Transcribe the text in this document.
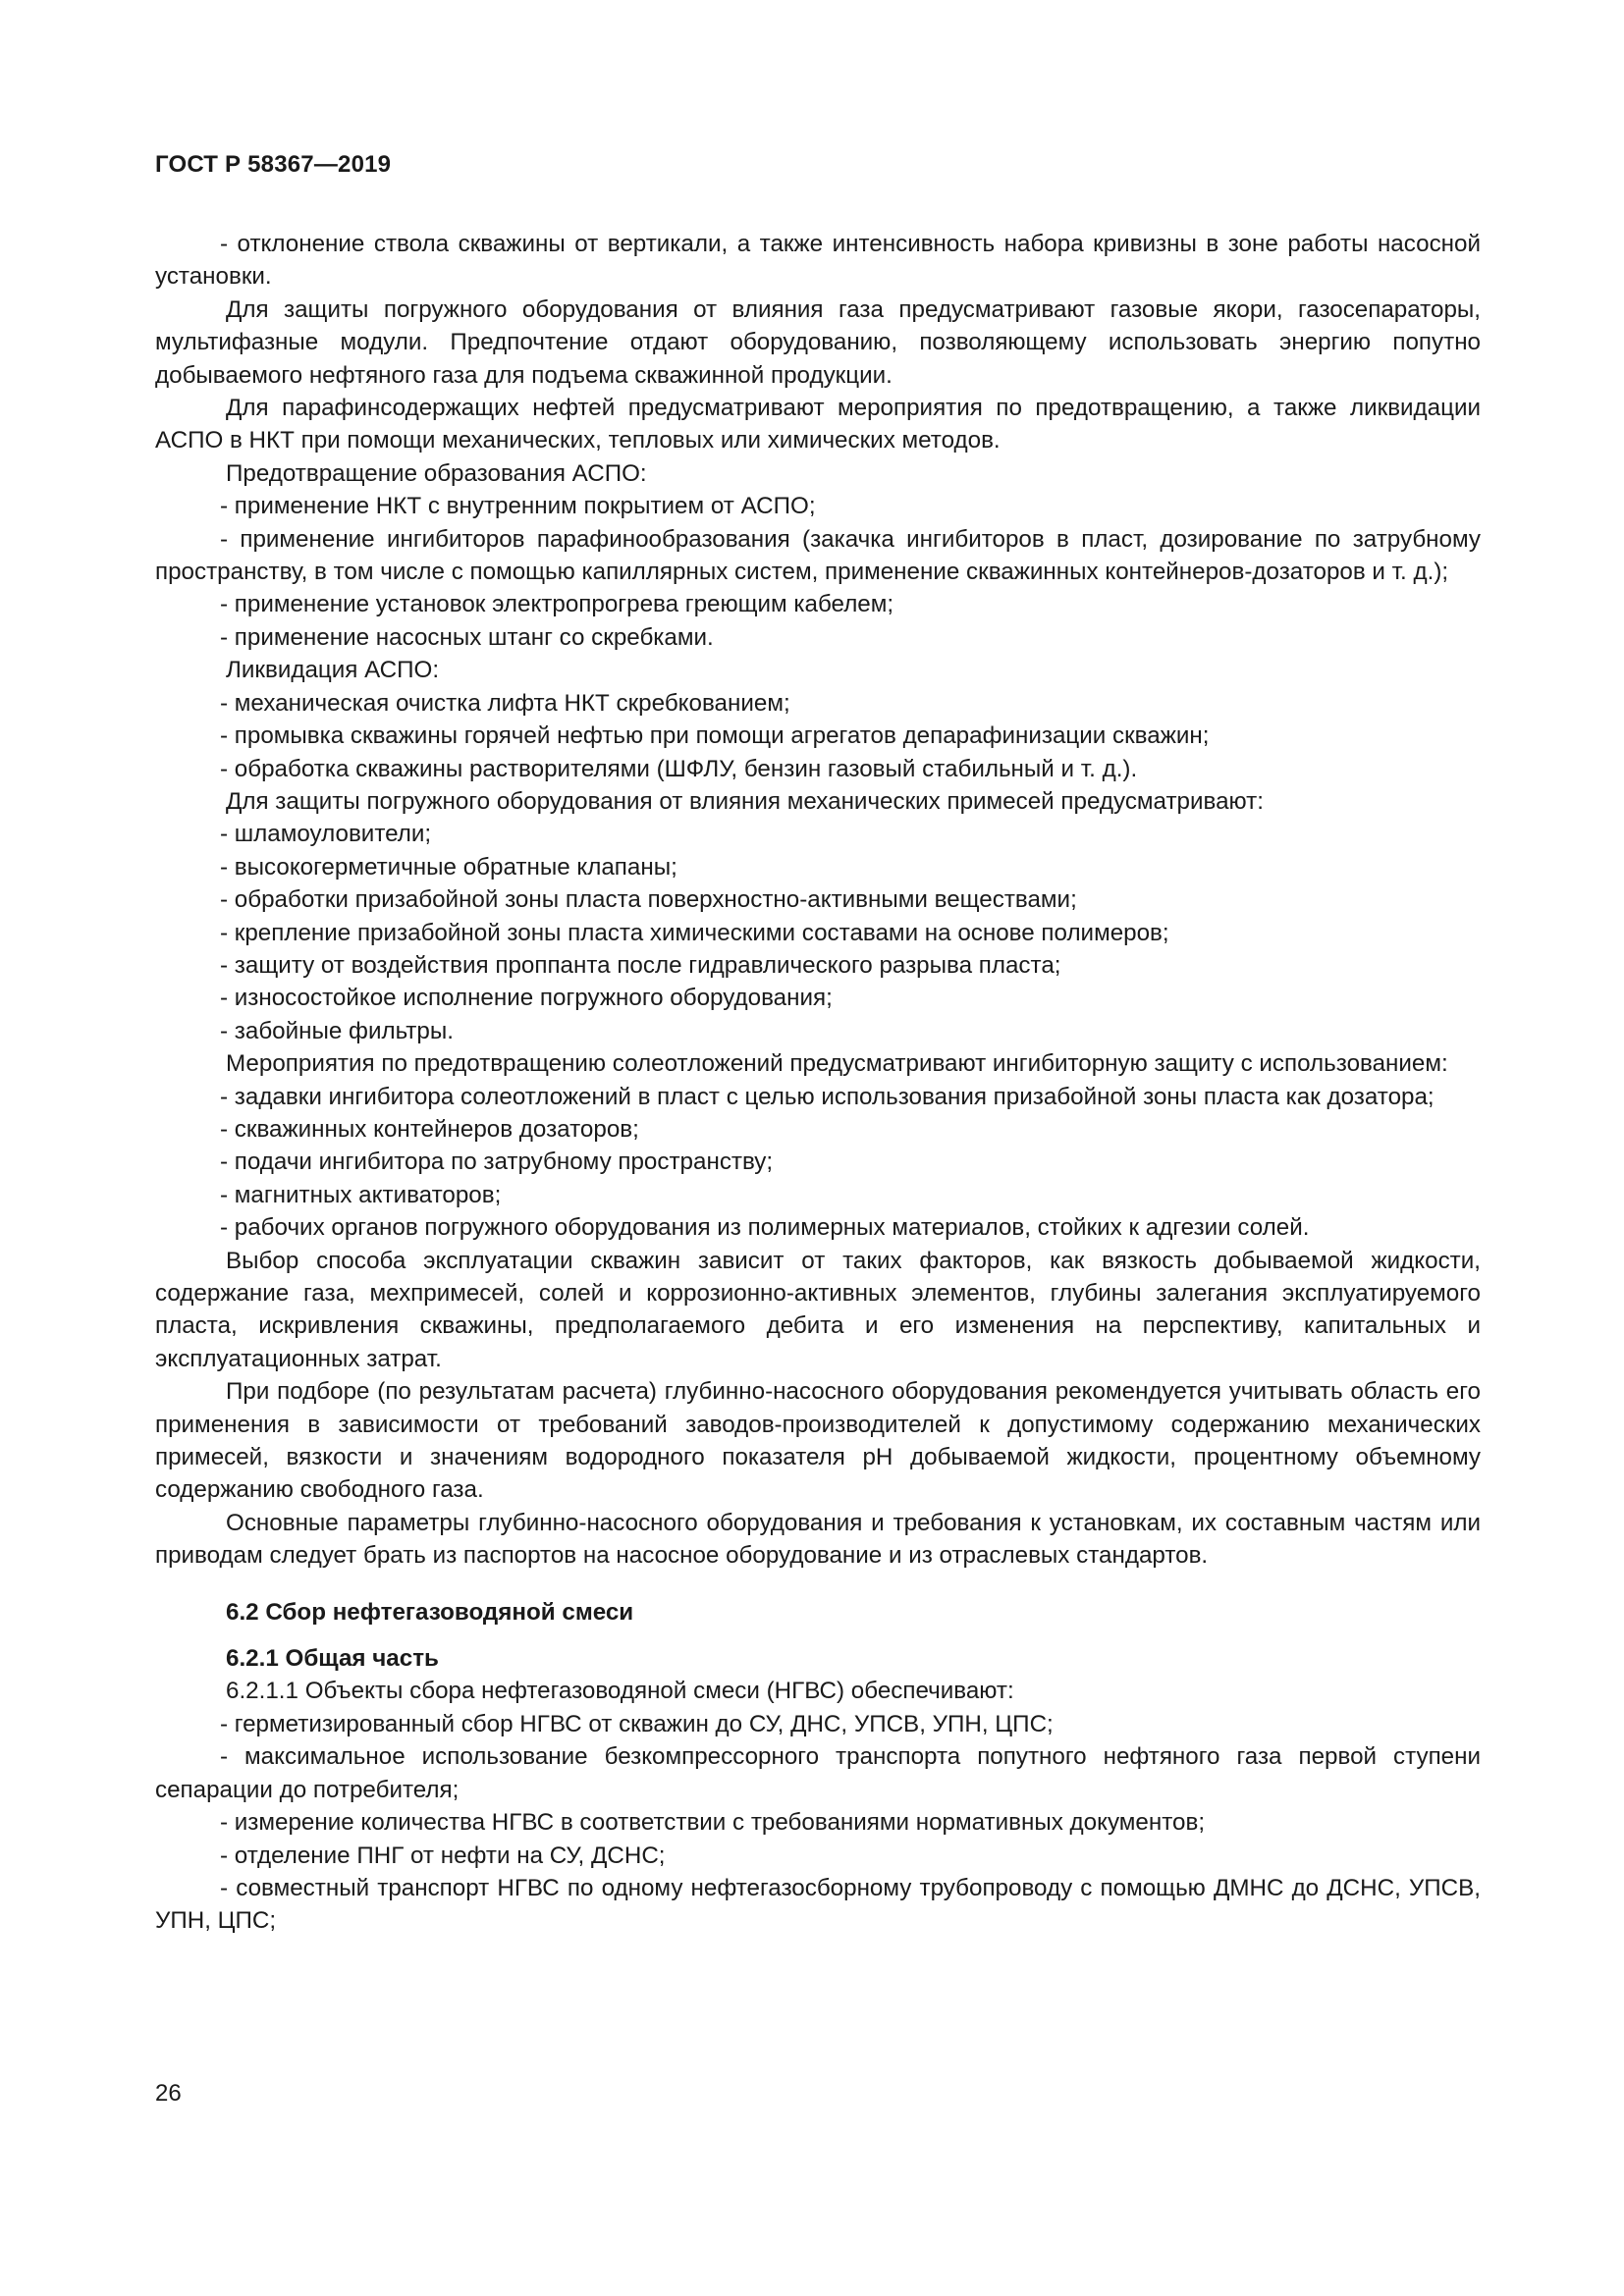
ГОСТ Р 58367—2019

- отклонение ствола скважины от вертикали, а также интенсивность набора кривизны в зоне работы насосной установки.

Для защиты погружного оборудования от влияния газа предусматривают газовые якори, газосепараторы, мультифазные модули. Предпочтение отдают оборудованию, позволяющему использовать энергию попутно добываемого нефтяного газа для подъема скважинной продукции.

Для парафинсодержащих нефтей предусматривают мероприятия по предотвращению, а также ликвидации АСПО в НКТ при помощи механических, тепловых или химических методов.

Предотвращение образования АСПО:

- применение НКТ с внутренним покрытием от АСПО;

- применение ингибиторов парафинообразования (закачка ингибиторов в пласт, дозирование по затрубному пространству, в том числе с помощью капиллярных систем, применение скважинных контейнеров-дозаторов и т. д.);

- применение установок электропрогрева греющим кабелем;

- применение насосных штанг со скребками.

Ликвидация АСПО:

- механическая очистка лифта НКТ скребкованием;

- промывка скважины горячей нефтью при помощи агрегатов депарафинизации скважин;

- обработка скважины растворителями (ШФЛУ, бензин газовый стабильный и т. д.).

Для защиты погружного оборудования от влияния механических примесей предусматривают:

- шламоуловители;

- высокогерметичные обратные клапаны;

- обработки призабойной зоны пласта поверхностно-активными веществами;

- крепление призабойной зоны пласта химическими составами на основе полимеров;

- защиту от воздействия проппанта после гидравлического разрыва пласта;

- износостойкое исполнение погружного оборудования;

- забойные фильтры.

Мероприятия по предотвращению солеотложений предусматривают ингибиторную защиту с использованием:

- задавки ингибитора солеотложений в пласт с целью использования призабойной зоны пласта как дозатора;

- скважинных контейнеров дозаторов;

- подачи ингибитора по затрубному пространству;

- магнитных активаторов;

- рабочих органов погружного оборудования из полимерных материалов, стойких к адгезии солей.

Выбор способа эксплуатации скважин зависит от таких факторов, как вязкость добываемой жидкости, содержание газа, мехпримесей, солей и коррозионно-активных элементов, глубины залегания эксплуатируемого пласта, искривления скважины, предполагаемого дебита и его изменения на перспективу, капитальных и эксплуатационных затрат.

При подборе (по результатам расчета) глубинно-насосного оборудования рекомендуется учитывать область его применения в зависимости от требований заводов-производителей к допустимому содержанию механических примесей, вязкости и значениям водородного показателя pH добываемой жидкости, процентному объемному содержанию свободного газа.

Основные параметры глубинно-насосного оборудования и требования к установкам, их составным частям или приводам следует брать из паспортов на насосное оборудование и из отраслевых стандартов.

6.2 Сбор нефтегазоводяной смеси

6.2.1 Общая часть

6.2.1.1 Объекты сбора нефтегазоводяной смеси (НГВС) обеспечивают:

- герметизированный сбор НГВС от скважин до СУ, ДНС, УПСВ, УПН, ЦПС;

- максимальное использование безкомпрессорного транспорта попутного нефтяного газа первой ступени сепарации до потребителя;

- измерение количества НГВС в соответствии с требованиями нормативных документов;

- отделение ПНГ от нефти на СУ, ДСНС;

- совместный транспорт НГВС по одному нефтегазосборному трубопроводу с помощью ДМНС до ДСНС, УПСВ, УПН, ЦПС;

26
